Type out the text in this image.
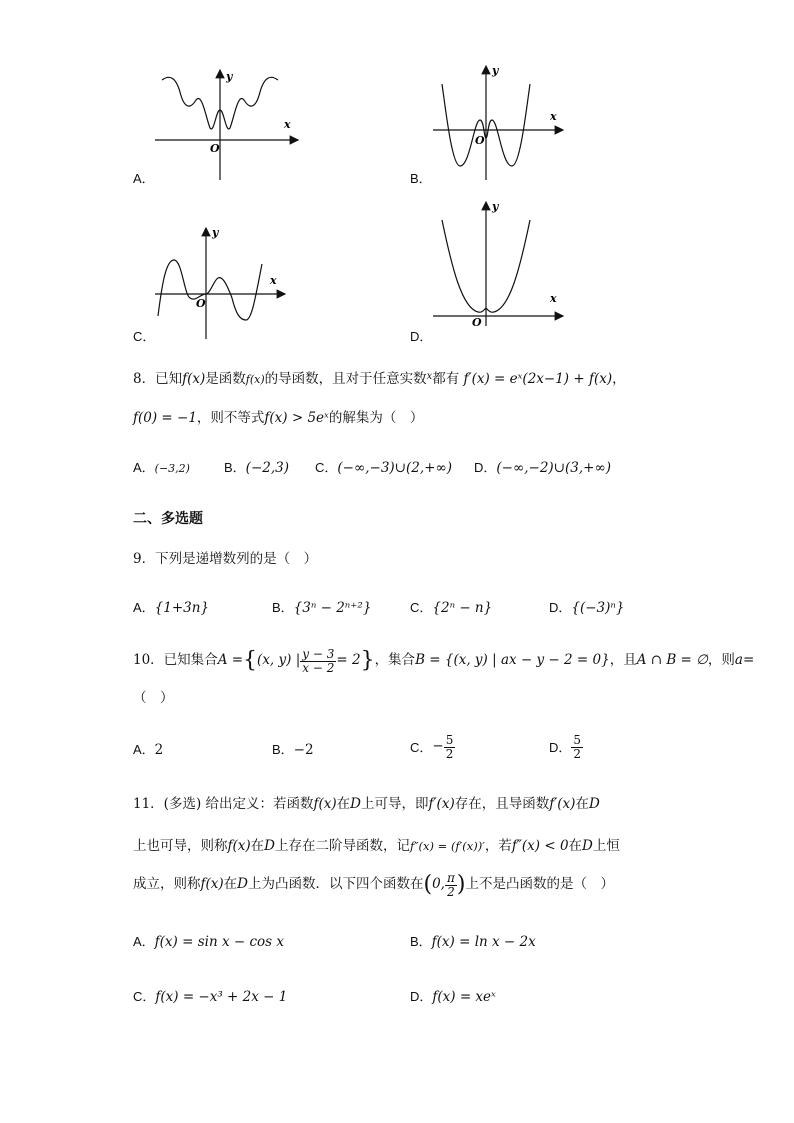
y
x
O
A．
y
x
O
B．
y
x
O
C．
y
x
O
D．
8．已知f(x)是函数f(x)的导函数，且对于任意实数$^x$都有 f′(x) = eˣ(2x−1) + f(x)，
f(0) = −1，则不等式f(x) > 5eˣ的解集为（　）
A．(−3,2)	B．(−2,3) C．(−∞,−3)∪(2,+∞) D．(−∞,−2)∪(3,+∞)
二、多选题
9．下列是递增数列的是（　）
A．{1+3n}	B．{3ⁿ − 2ⁿ⁺²}	C．{2ⁿ − n}	D．{(−3)ⁿ}
10．已知集合 A = { (x, y) | $\frac{y - 3}{x - 2} = 2$ } ，集合 B = {(x, y) | ax − y − 2 = 0} ，且 A ∩ B = ∅ ，则 a =
（　）
A．2	B．−2	C． − $\frac{5}{2}$	D． $\frac{5}{2}$
11．(多选) 给出定义：若函数f(x)在D上可导，即f′(x)存在，且导函数f′(x)在D
上也可导，则称f(x)在D上存在二阶导函数，记f″(x) = (f′(x))′，若f″(x) < 0在D上恒
成立，则称 f(x) 在 D 上为凸函数．以下四个函数在 ( 0, $\frac{\pi}{2}$ ) 上不是凸函数的是（　）
A．f(x) = sin x − cos x	B．f(x) = ln x − 2x
C．f(x) = −x³ + 2x − 1	D．f(x) = xeˣ
